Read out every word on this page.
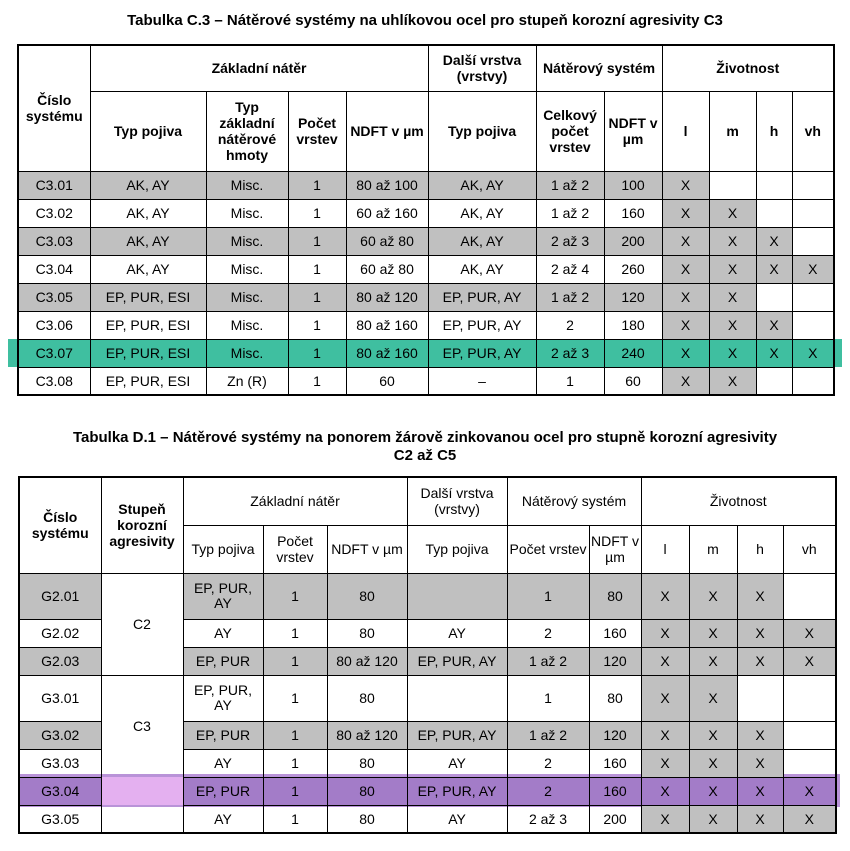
Tabulka C.3 – Nátěrové systémy na uhlíkovou ocel pro stupeň korozní agresivity C3
Číslo systému	Základní nátěr				Další vrstva (vrstvy)	Nátěrový systém		Životnost			
	Typ pojiva	Typ základní nátěrové hmoty	Počet vrstev	NDFT v µm	Typ pojiva	Celkový počet vrstev	NDFT v µm	l	m	h	vh
C3.01	AK, AY	Misc.	1	80 až 100	AK, AY	1 až 2	100	X			
C3.02	AK, AY	Misc.	1	60 až 160	AK, AY	1 až 2	160	X	X		
C3.03	AK, AY	Misc.	1	60 až 80	AK, AY	2 až 3	200	X	X	X	
C3.04	AK, AY	Misc.	1	60 až 80	AK, AY	2 až 4	260	X	X	X	X
C3.05	EP, PUR, ESI	Misc.	1	80 až 120	EP, PUR, AY	1 až 2	120	X	X		
C3.06	EP, PUR, ESI	Misc.	1	80 až 160	EP, PUR, AY	2	180	X	X	X	
C3.07	EP, PUR, ESI	Misc.	1	80 až 160	EP, PUR, AY	2 až 3	240	X	X	X	X
C3.08	EP, PUR, ESI	Zn (R)	1	60	–	1	60	X	X		
Tabulka D.1 – Nátěrové systémy na ponorem žárově zinkovanou ocel pro stupně korozní agresivity
C2 až C5
Číslo systému	Stupeň korozní agresivity	Základní nátěr			Další vrstva (vrstvy)	Nátěrový systém		Životnost			
		Typ pojiva	Počet vrstev	NDFT v µm	Typ pojiva	Počet vrstev	NDFT v µm	l	m	h	vh
G2.01	C2	EP, PUR, AY	1	80		1	80	X	X	X	
G2.02		AY	1	80	AY	2	160	X	X	X	X
G2.03		EP, PUR	1	80 až 120	EP, PUR, AY	1 až 2	120	X	X	X	X
G3.01	C3	EP, PUR, AY	1	80		1	80	X	X		
G3.02		EP, PUR	1	80 až 120	EP, PUR, AY	1 až 2	120	X	X	X	
G3.03		AY	1	80	AY	2	160	X	X	X	
G3.04		EP, PUR	1	80	EP, PUR, AY	2	160	X	X	X	X
G3.05		AY	1	80	AY	2 až 3	200	X	X	X	X
